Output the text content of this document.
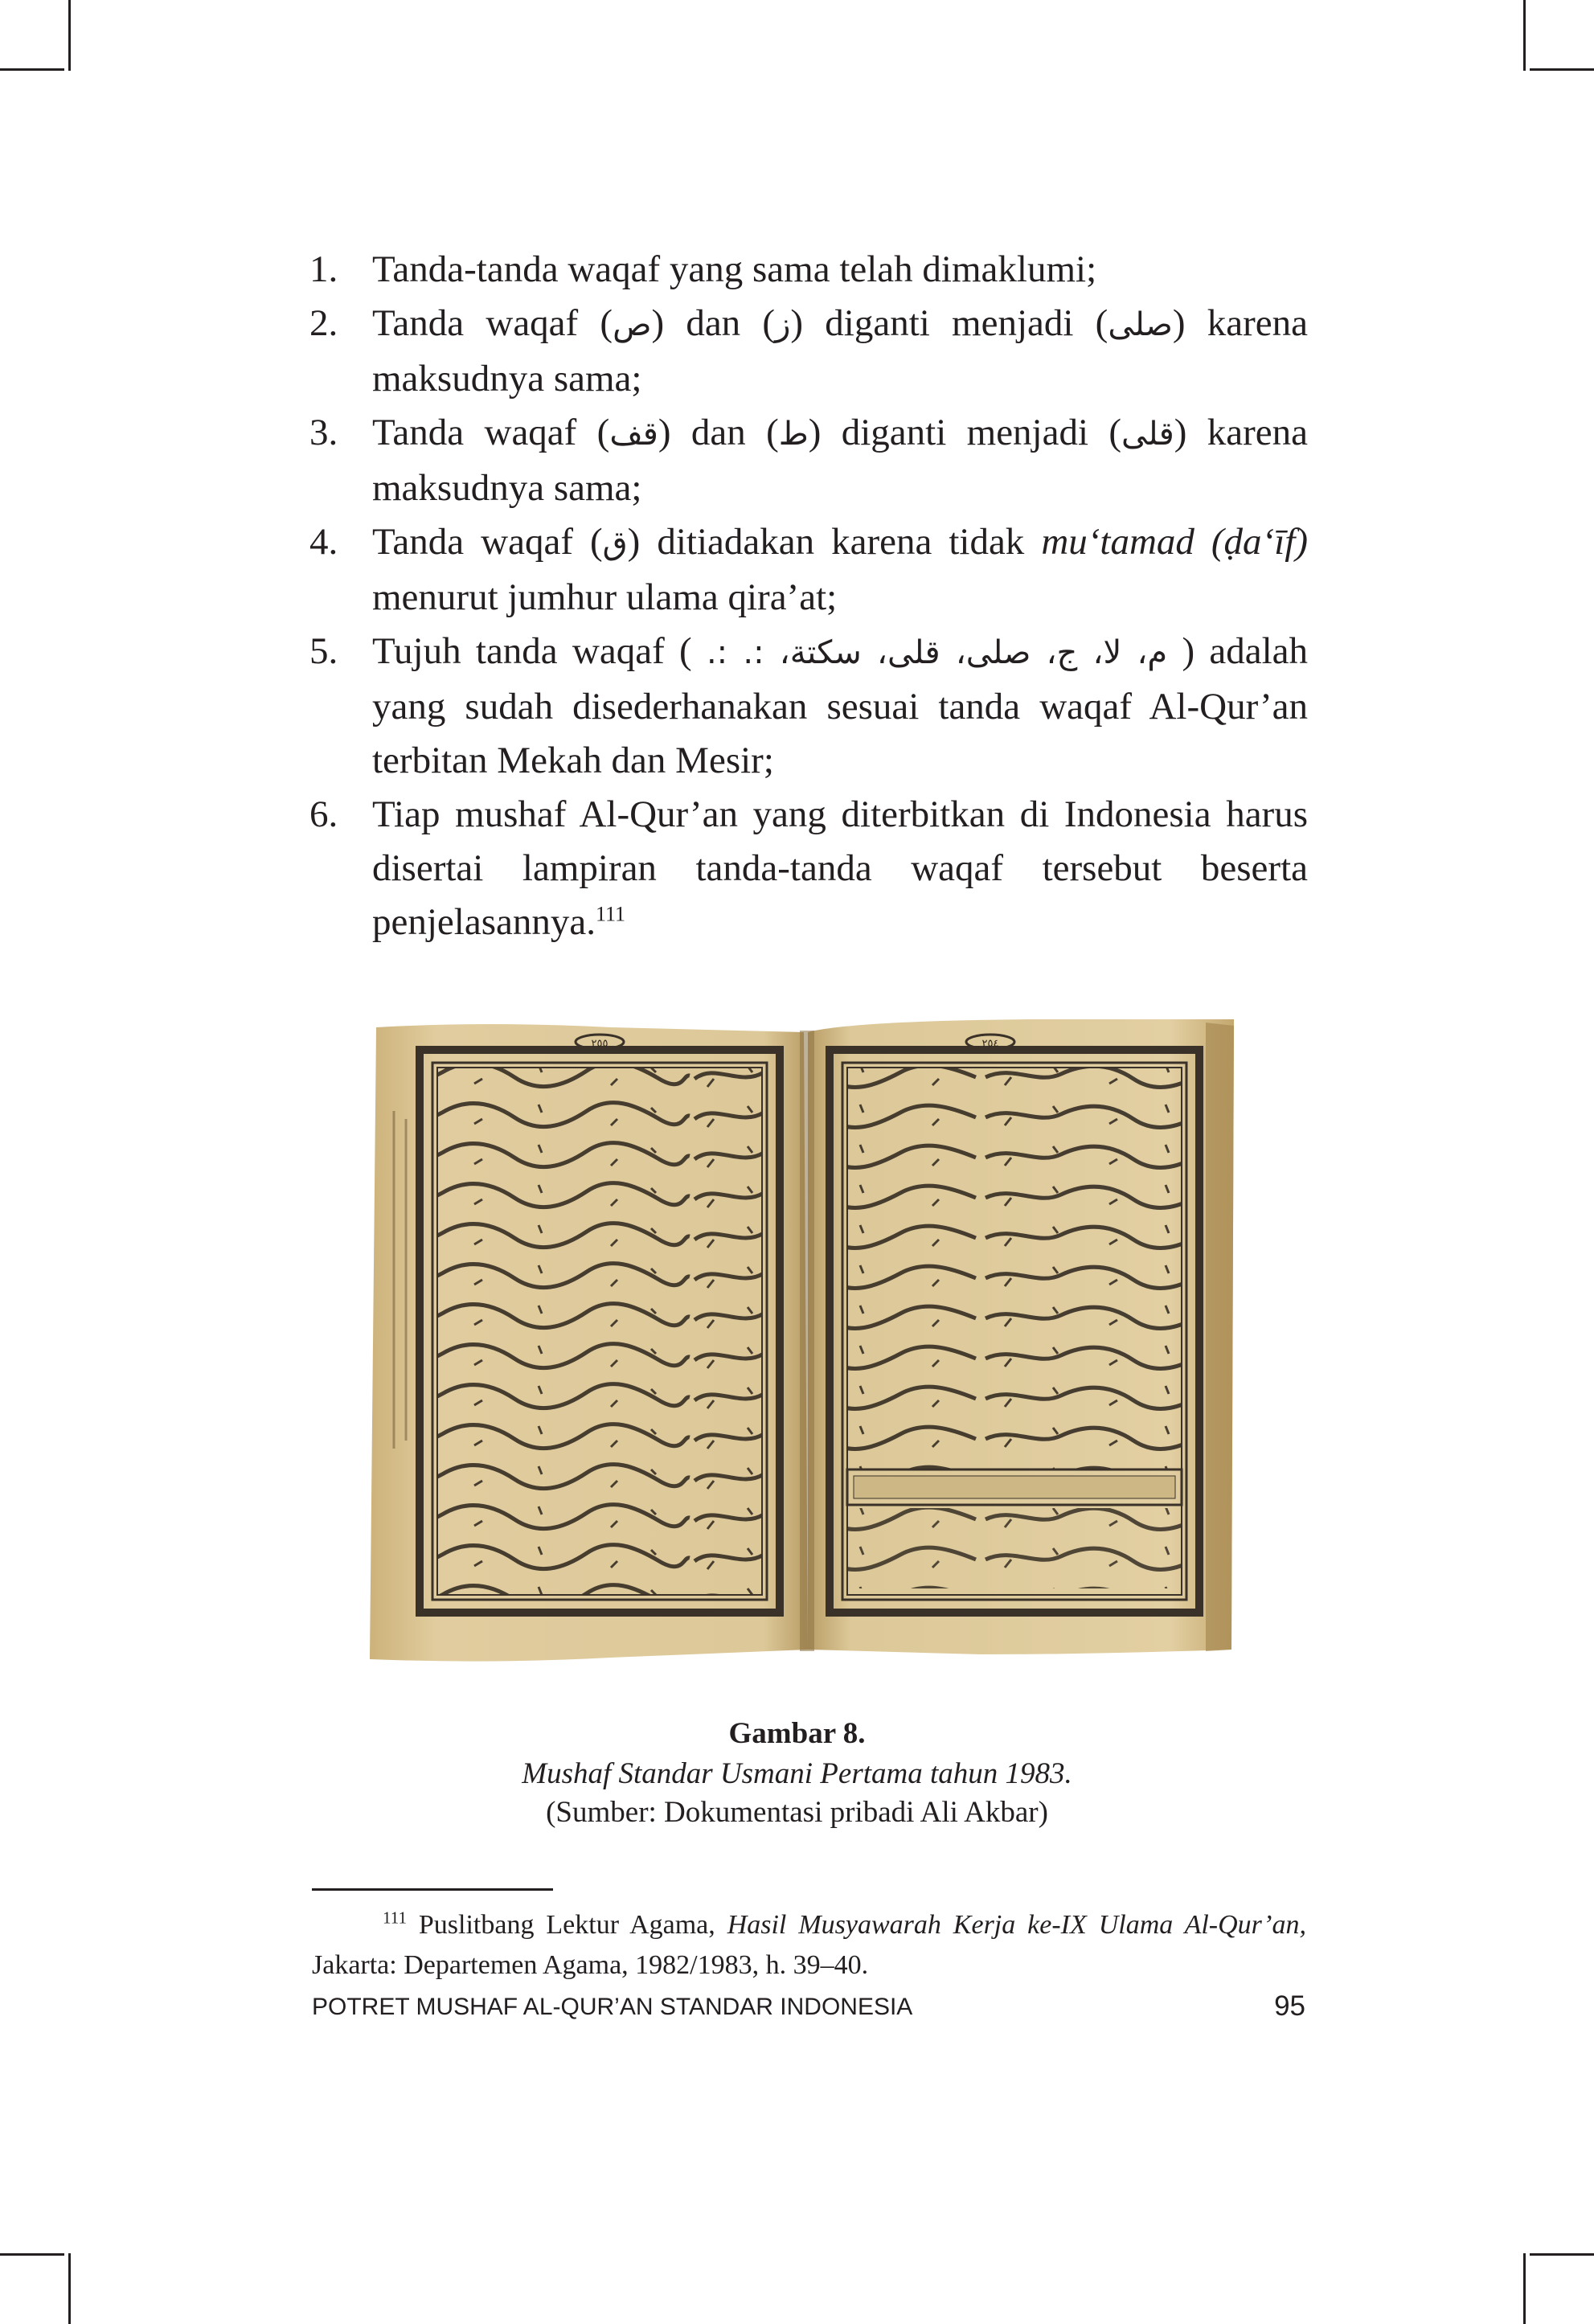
1. Tanda-tanda waqaf yang sama telah dimaklumi;
2. Tanda waqaf (ص) dan (ز) diganti menjadi (صلى) karena maksudnya sama;
3. Tanda waqaf (قف) dan (ط) diganti menjadi (قلى) karena maksudnya sama;
4. Tanda waqaf (ق) ditiadakan karena tidak mu‘tamad (ḍa‘īf) menurut jumhur ulama qira’at;
5. Tujuh tanda waqaf ( م، لا، ج، صلى، قلى، سكتة، :. :. ) adalah yang sudah disederhanakan sesuai tanda waqaf Al-Qur’an terbitan Mekah dan Mesir;
6. Tiap mushaf Al-Qur’an yang diterbitkan di Indonesia harus disertai lampiran tanda-tanda waqaf tersebut beserta penjelasannya.$^{111}$
٢٥٥	٢٥٤
Gambar 8.
Mushaf Standar Usmani Pertama tahun 1983.
(Sumber: Dokumentasi pribadi Ali Akbar)
$^{111}$ Puslitbang Lektur Agama, Hasil Musyawarah Kerja ke-IX Ulama Al-Qur’an, Jakarta: Departemen Agama, 1982/1983, h. 39–40.
POTRET MUSHAF AL-QUR’AN STANDAR INDONESIA	95
